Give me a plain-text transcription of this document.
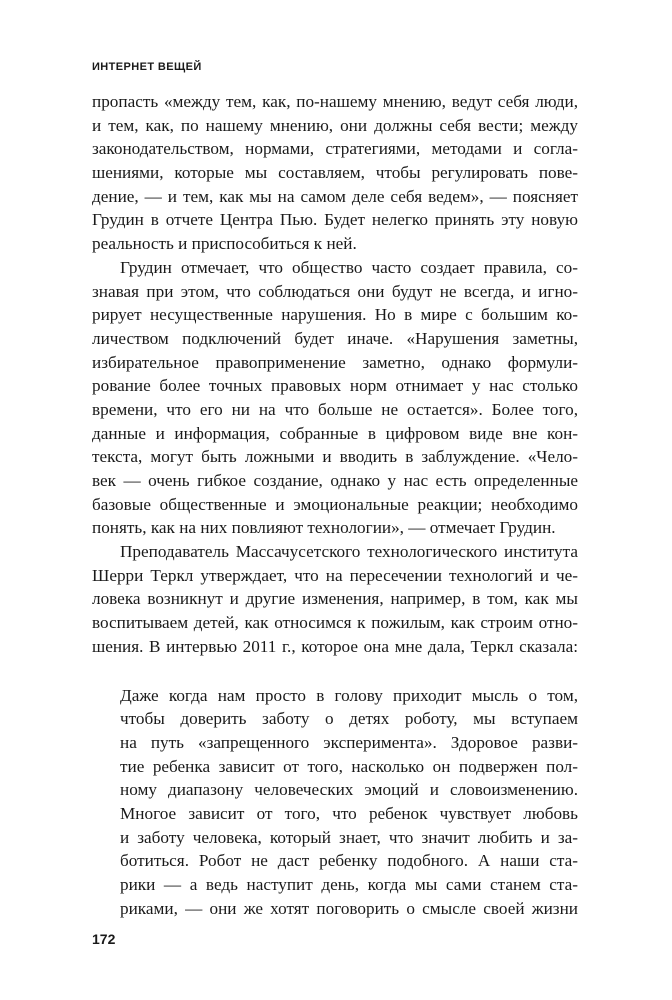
ИНТЕРНЕТ ВЕЩЕЙ
пропасть «между тем, как, по-нашему мнению, ведут себя люди,
и тем, как, по нашему мнению, они должны себя вести; между
законодательством, нормами, стратегиями, методами и согла-
шениями, которые мы составляем, чтобы регулировать пове-
дение, — и тем, как мы на самом деле себя ведем», — поясняет
Грудин в отчете Центра Пью. Будет нелегко принять эту новую
реальность и приспособиться к ней.
Грудин отмечает, что общество часто создает правила, со-
знавая при этом, что соблюдаться они будут не всегда, и игно-
рирует несущественные нарушения. Но в мире с большим ко-
личеством подключений будет иначе. «Нарушения заметны,
избирательное правоприменение заметно, однако формули-
рование более точных правовых норм отнимает у нас столько
времени, что его ни на что больше не остается». Более того,
данные и информация, собранные в цифровом виде вне кон-
текста, могут быть ложными и вводить в заблуждение. «Чело-
век — очень гибкое создание, однако у нас есть определенные
базовые общественные и эмоциональные реакции; необходимо
понять, как на них повлияют технологии», — отмечает Грудин.
Преподаватель Массачусетского технологического института
Шерри Теркл утверждает, что на пересечении технологий и че-
ловека возникнут и другие изменения, например, в том, как мы
воспитываем детей, как относимся к пожилым, как строим отно-
шения. В интервью 2011 г., которое она мне дала, Теркл сказала:
Даже когда нам просто в голову приходит мысль о том,
чтобы доверить заботу о детях роботу, мы вступаем
на путь «запрещенного эксперимента». Здоровое разви-
тие ребенка зависит от того, насколько он подвержен пол-
ному диапазону человеческих эмоций и словоизменению.
Многое зависит от того, что ребенок чувствует любовь
и заботу человека, который знает, что значит любить и за-
ботиться. Робот не даст ребенку подобного. А наши ста-
рики — а ведь наступит день, когда мы сами станем ста-
риками, — они же хотят поговорить о смысле своей жизни
172
